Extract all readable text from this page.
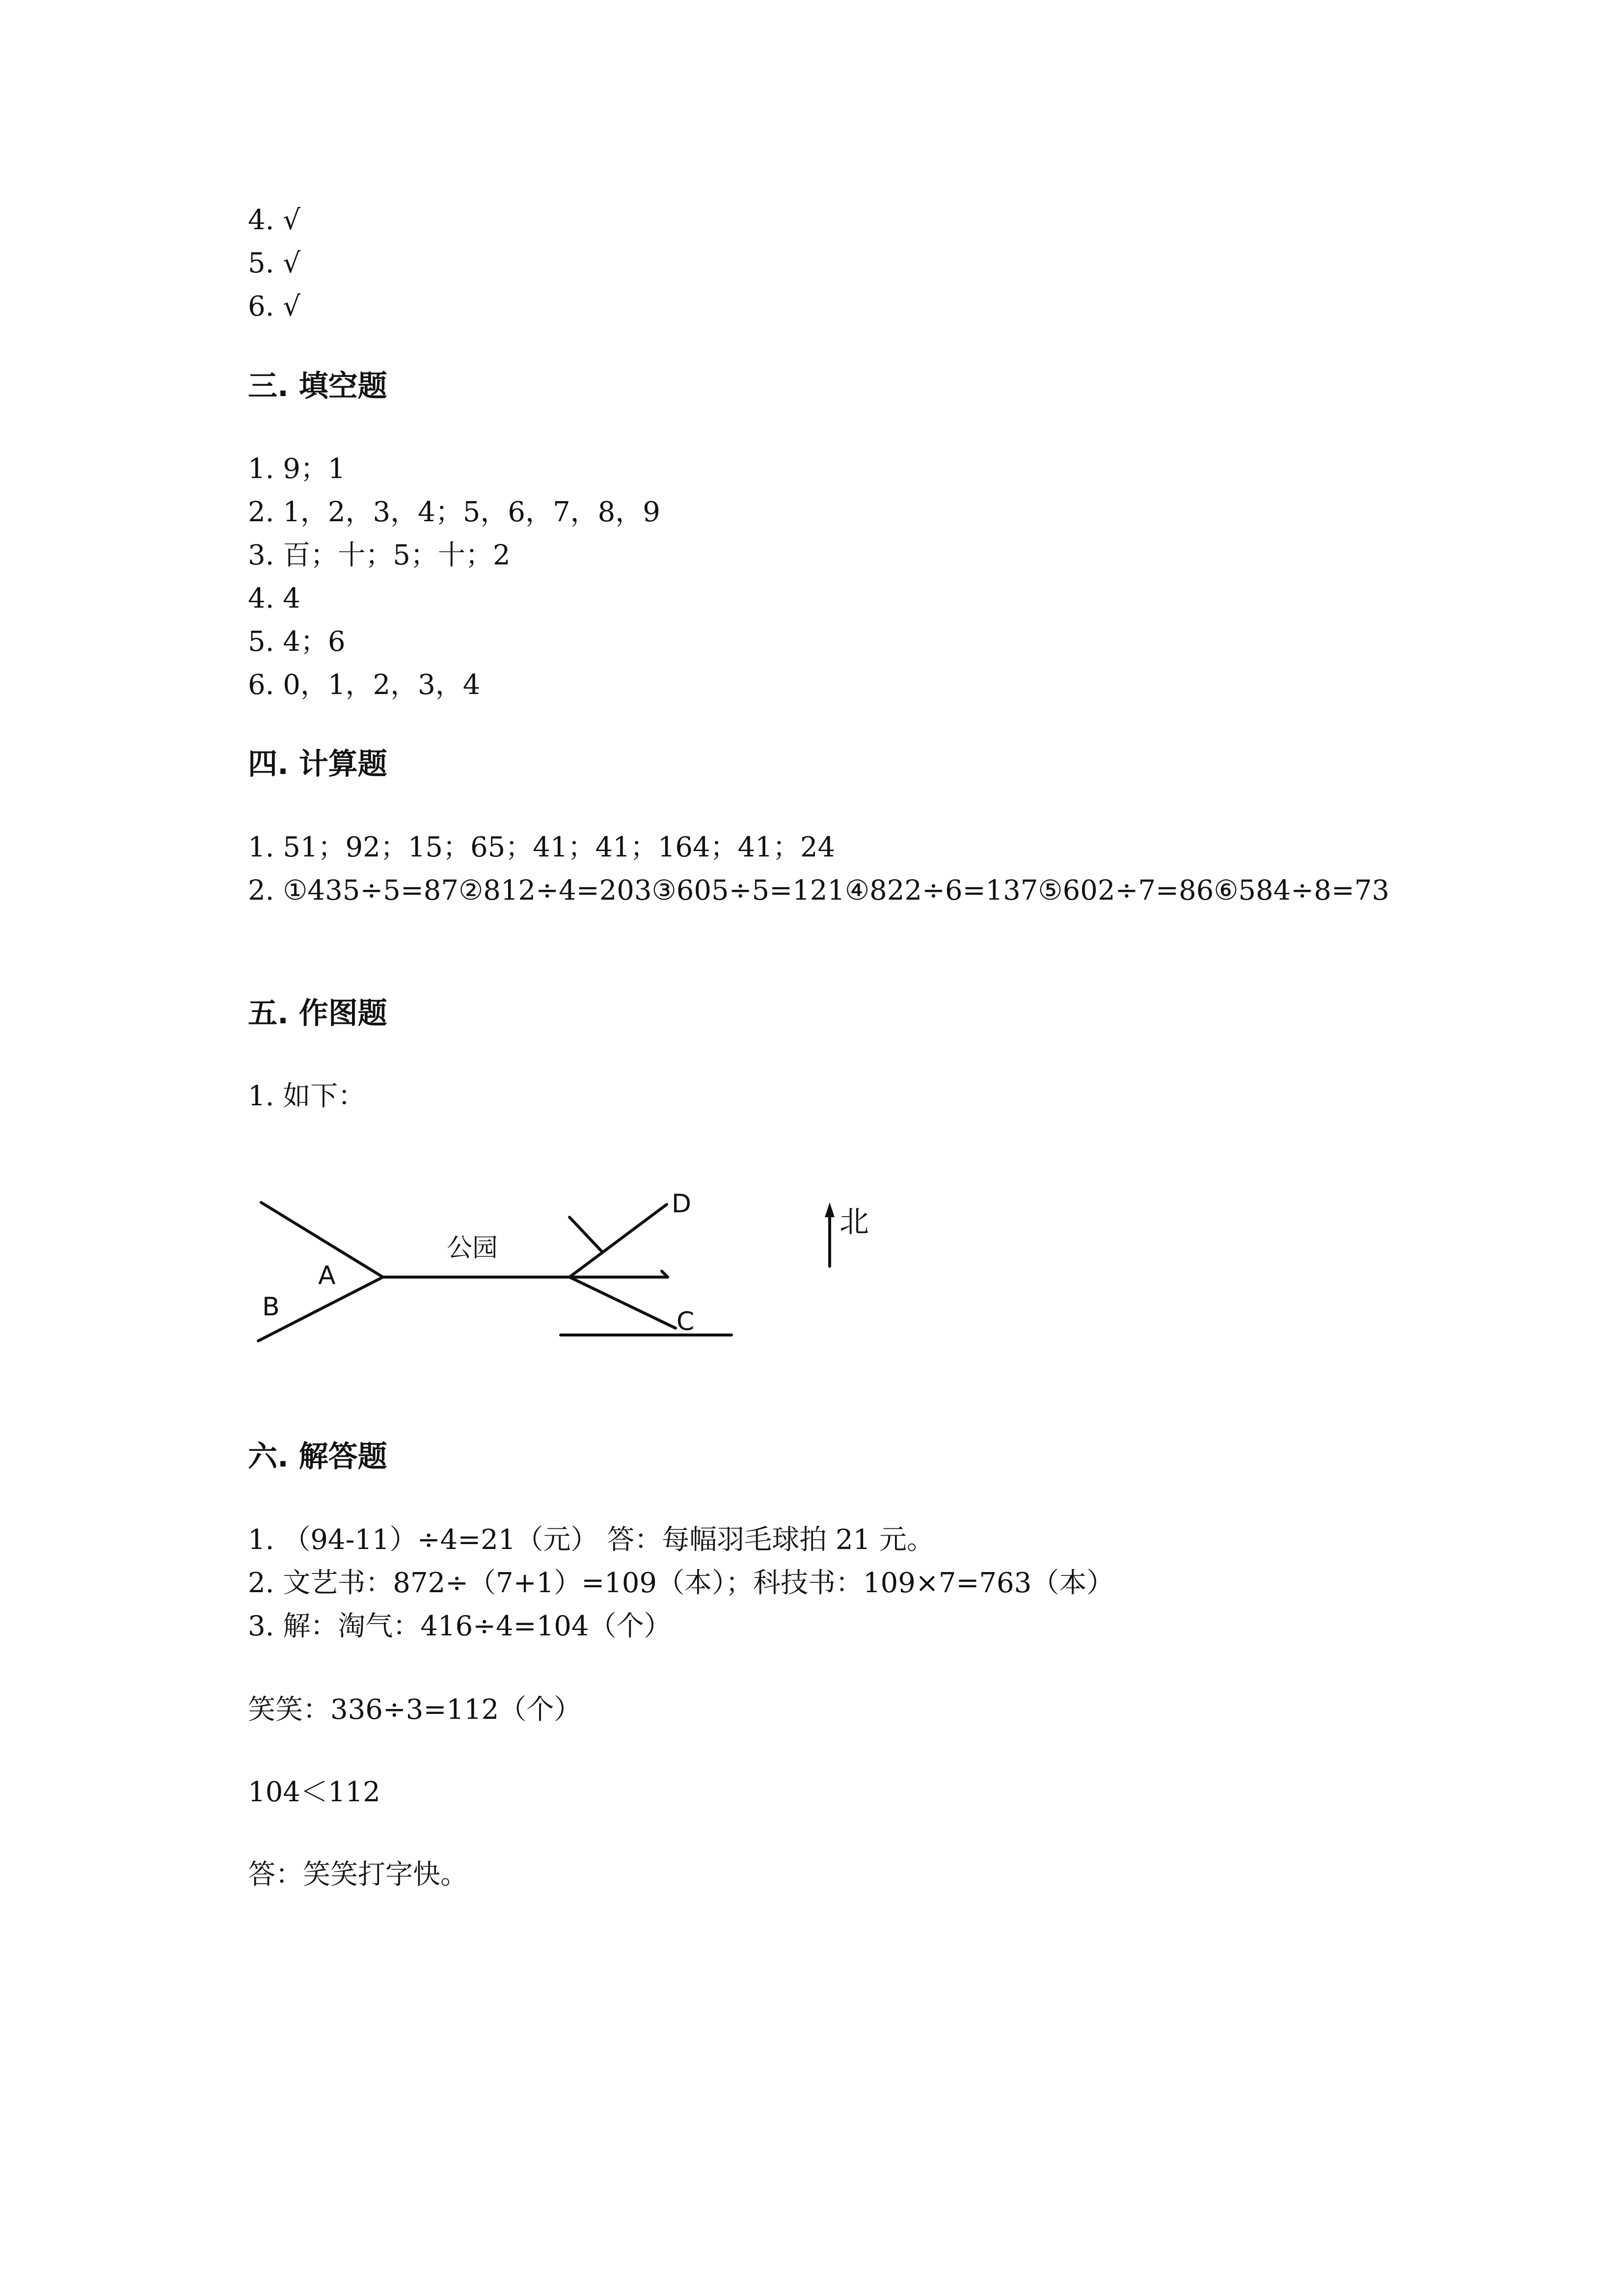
4. √

5. √

6. √

三. 填空题

1. 9；1

2. 1，2，3，4；5，6，7，8，9

3. 百；十；5；十；2

4. 4

5. 4；6

6. 0，1，2，3，4

四. 计算题

1. 51；92；15；65；41；41；164；41；24

2. ①435÷5=87②812÷4=203③605÷5=121④822÷6=137⑤602÷7=86⑥584÷8=73

五. 作图题

1. 如下：

公园
A
B	C
D
北
六. 解答题

1. （94-11）÷4=21（元） 答：每幅羽毛球拍 21 元。

2. 文艺书：872÷（7+1）=109（本）；科技书：109×7=763（本）

3. 解：淘气：416÷4=104（个）

笑笑：336÷3=112（个）

104＜112

答：笑笑打字快。
